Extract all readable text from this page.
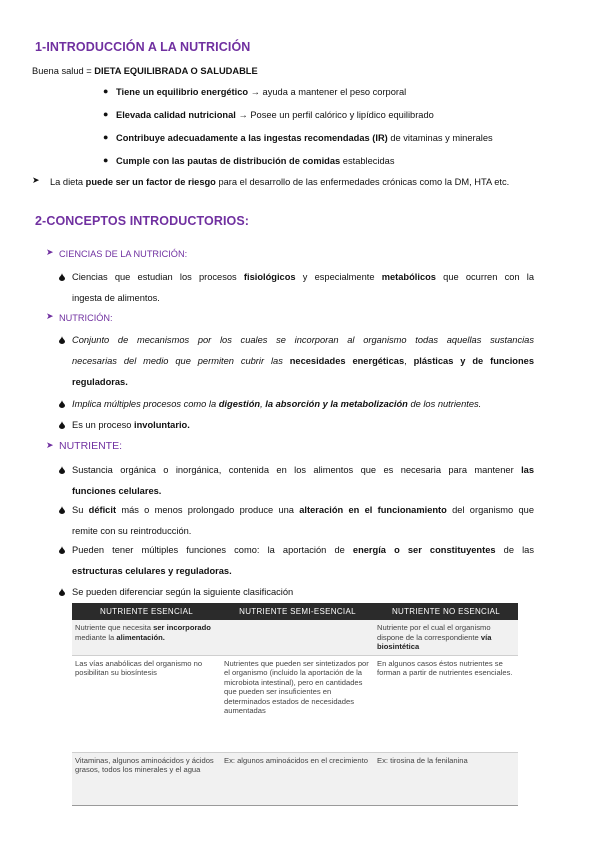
1-INTRODUCCIÓN A LA NUTRICIÓN
Buena salud = DIETA EQUILIBRADA O SALUDABLE
● Tiene un equilibrio energético → ayuda a mantener el peso corporal
● Elevada calidad nutricional → Posee un perfil calórico y lipídico equilibrado
● Contribuye adecuadamente a las ingestas recomendadas (IR) de vitaminas y minerales
● Cumple con las pautas de distribución de comidas establecidas
➤ La dieta puede ser un factor de riesgo para el desarrollo de las enfermedades crónicas como la DM, HTA etc.
2-CONCEPTOS INTRODUCTORIOS:
➤ CIENCIAS DE LA NUTRICIÓN:
Ciencias que estudian los procesos fisiológicos y especialmente metabólicos que ocurren con la
ingesta de alimentos.
➤ NUTRICIÓN:
Conjunto de mecanismos por los cuales se incorporan al organismo todas aquellas sustancias
necesarias del medio que permiten cubrir las necesidades energéticas, plásticas y de funciones
reguladoras.
Implica múltiples procesos como la digestión, la absorción y la metabolización de los nutrientes.
Es un proceso involuntario.
➤ NUTRIENTE:
Sustancia orgánica o inorgánica, contenida en los alimentos que es necesaria para mantener las
funciones celulares.
Su déficit más o menos prolongado produce una alteración en el funcionamiento del organismo que
remite con su reintroducción.
Pueden tener múltiples funciones como: la aportación de energía o ser constituyentes de las
estructuras celulares y reguladoras.
Se pueden diferenciar según la siguiente clasificación
NUTRIENTE ESENCIAL	NUTRIENTE SEMI-ESENCIAL	NUTRIENTE NO ESENCIAL
Nutriente que necesita ser incorporado mediante la alimentación.		Nutriente por el cual el organismo dispone de la correspondiente vía biosintética
Las vías anabólicas del organismo no posibilitan su biosíntesis	Nutrientes que pueden ser sintetizados por el organismo (incluido la aportación de la microbiota intestinal), pero en cantidades que pueden ser insuficientes en determinados estados de necesidades aumentadas	En algunos casos éstos nutrientes se forman a partir de nutrientes esenciales.
Vitaminas, algunos aminoácidos y ácidos grasos, todos los minerales y el agua	Ex: algunos aminoácidos en el crecimiento	Ex: tirosina de la fenilanina
